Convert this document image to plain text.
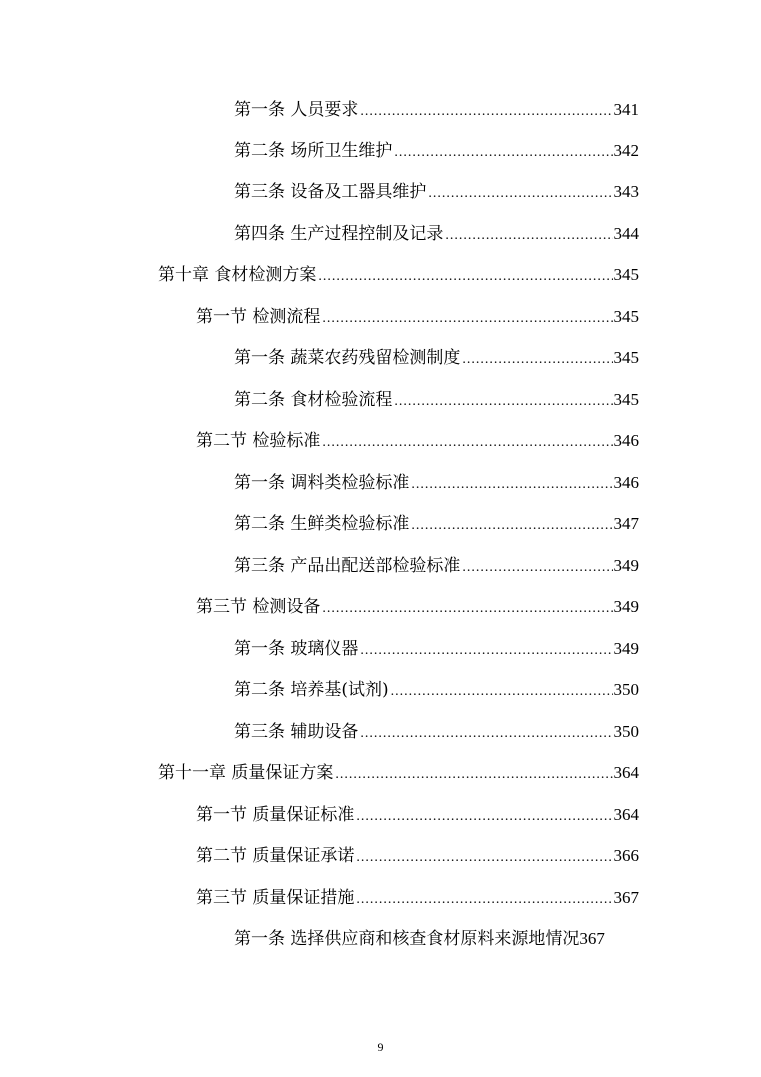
第一条 人员要求 .....	341
第二条 场所卫生维护 .....	342
第三条 设备及工器具维护 .....	343
第四条 生产过程控制及记录 .....	344
第十章 食材检测方案 .....	345
第一节 检测流程 .....	345
第一条 蔬菜农药残留检测制度 .....	345
第二条 食材检验流程 .....	345
第二节 检验标准 .....	346
第一条 调料类检验标准 .....	346
第二条 生鲜类检验标准 .....	347
第三条 产品出配送部检验标准 .....	349
第三节 检测设备 .....	349
第一条 玻璃仪器 .....	349
第二条 培养基(试剂) .....	350
第三条 辅助设备 .....	350
第十一章 质量保证方案 .....	364
第一节 质量保证标准 .....	364
第二节 质量保证承诺 .....	366
第三节 质量保证措施 .....	367
第一条 选择供应商和核查食材原料来源地情况 367
9
